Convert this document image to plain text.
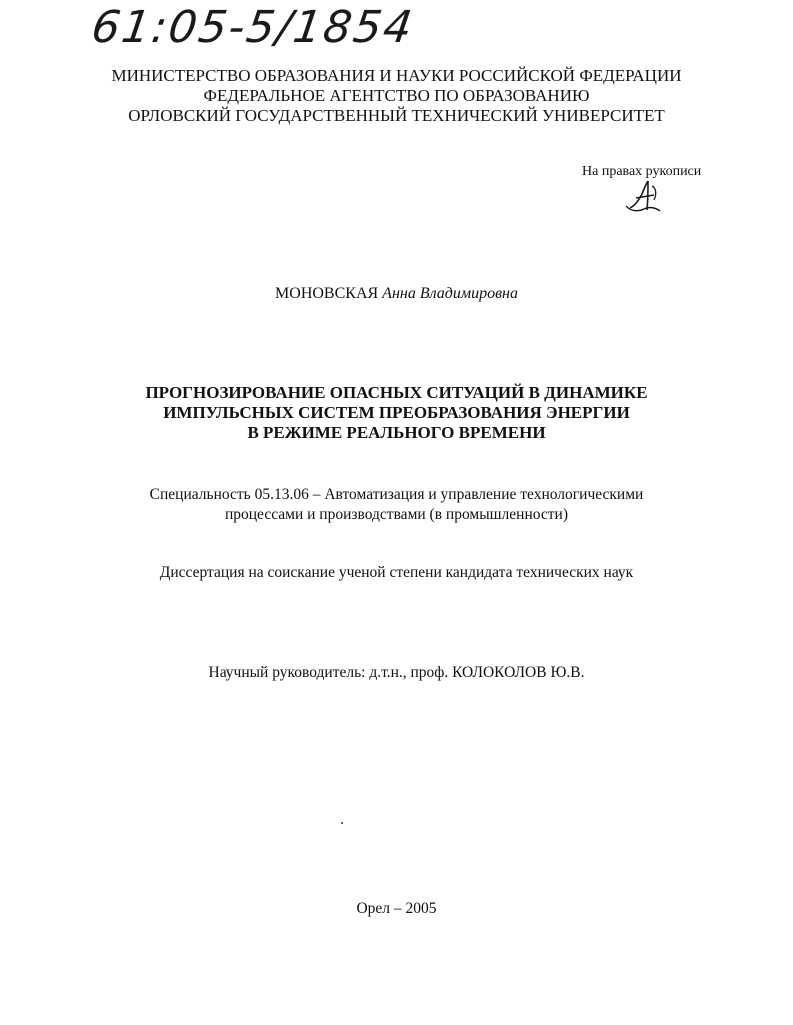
61:05-5/1854
МИНИСТЕРСТВО ОБРАЗОВАНИЯ И НАУКИ РОССИЙСКОЙ ФЕДЕРАЦИИ
ФЕДЕРАЛЬНОЕ АГЕНТСТВО ПО ОБРАЗОВАНИЮ
ОРЛОВСКИЙ ГОСУДАРСТВЕННЫЙ ТЕХНИЧЕСКИЙ УНИВЕРСИТЕТ
На правах рукописи
МОНОВСКАЯ Анна Владимировна
ПРОГНОЗИРОВАНИЕ ОПАСНЫХ СИТУАЦИЙ В ДИНАМИКЕ
ИМПУЛЬСНЫХ СИСТЕМ ПРЕОБРАЗОВАНИЯ ЭНЕРГИИ
В РЕЖИМЕ РЕАЛЬНОГО ВРЕМЕНИ
Специальность 05.13.06 – Автоматизация и управление технологическими
процессами и производствами (в промышленности)
Диссертация на соискание ученой степени кандидата технических наук
Научный руководитель: д.т.н., проф. КОЛОКОЛОВ Ю.В.
Орел – 2005
